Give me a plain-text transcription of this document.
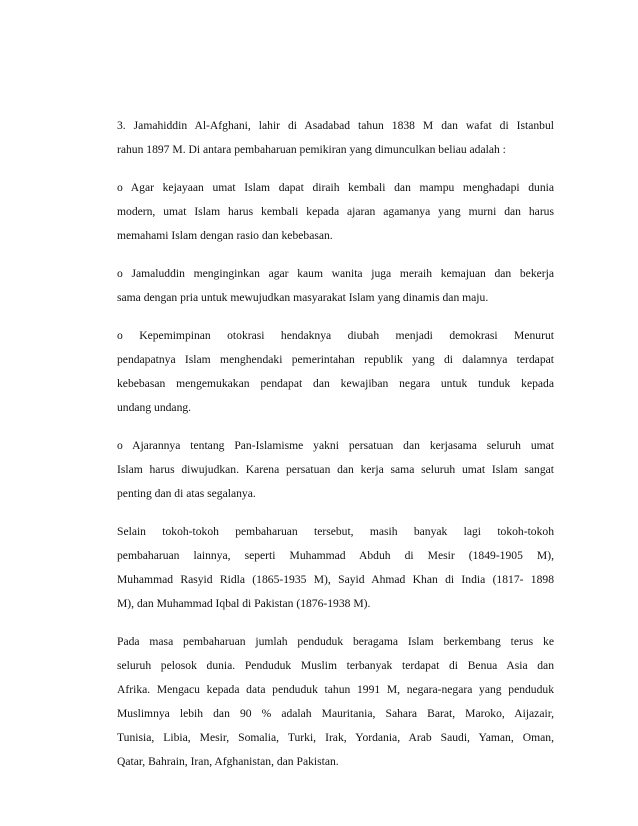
3. Jamahiddin Al-Afghani, lahir di Asadabad tahun 1838 M dan wafat di Istanbul
rahun 1897 M. Di antara pembaharuan pemikiran yang dimunculkan beliau adalah :
o Agar kejayaan umat Islam dapat diraih kembali dan mampu menghadapi dunia
modern, umat Islam harus kembali kepada ajaran agamanya yang murni dan harus
memahami Islam dengan rasio dan kebebasan.
o Jamaluddin menginginkan agar kaum wanita juga meraih kemajuan dan bekerja
sama dengan pria untuk mewujudkan masyarakat Islam yang dinamis dan maju.
o Kepemimpinan otokrasi hendaknya diubah menjadi demokrasi Menurut
pendapatnya Islam menghendaki pemerintahan republik yang di dalamnya terdapat
kebebasan mengemukakan pendapat dan kewajiban negara untuk tunduk kepada
undang undang.
o Ajarannya tentang Pan-Islamisme yakni persatuan dan kerjasama seluruh umat
Islam harus diwujudkan. Karena persatuan dan kerja sama seluruh umat Islam sangat
penting dan di atas segalanya.
Selain tokoh-tokoh pembaharuan tersebut, masih banyak lagi tokoh-tokoh
pembaharuan lainnya, seperti Muhammad Abduh di Mesir (1849-1905 M),
Muhammad Rasyid Ridla (1865-1935 M), Sayid Ahmad Khan di India (1817- 1898
M), dan Muhammad Iqbal di Pakistan (1876-1938 M).
Pada masa pembaharuan jumlah penduduk beragama Islam berkembang terus ke
seluruh pelosok dunia. Penduduk Muslim terbanyak terdapat di Benua Asia dan
Afrika. Mengacu kepada data penduduk tahun 1991 M, negara-negara yang penduduk
Muslimnya lebih dan 90 % adalah Mauritania, Sahara Barat, Maroko, Aijazair,
Tunisia, Libia, Mesir, Somalia, Turki, Irak, Yordania, Arab Saudi, Yaman, Oman,
Qatar, Bahrain, Iran, Afghanistan, dan Pakistan.
